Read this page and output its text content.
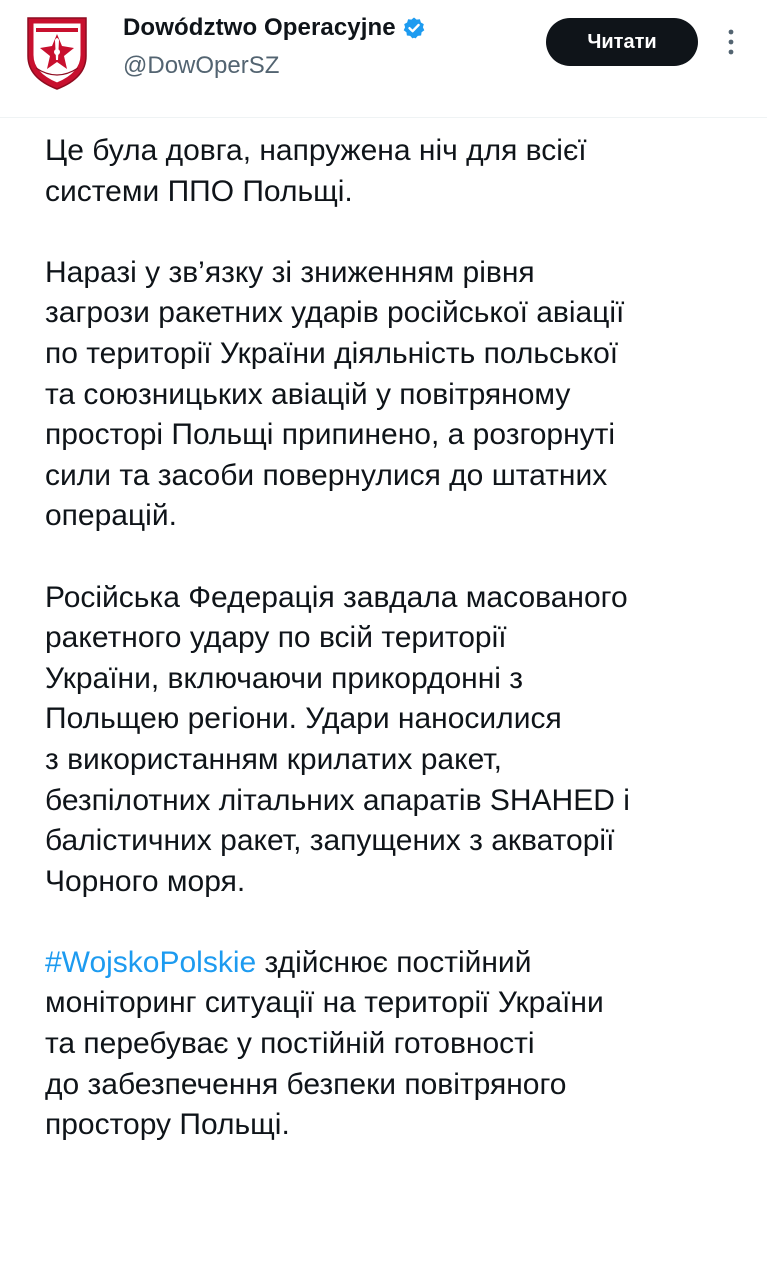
Dowództwo Operacyjne
@DowOperSZ
Читати

Це була довга, напружена ніч для всієї
системи ППО Польщі.

Наразі у зв’язку зі зниженням рівня
загрози ракетних ударів російської авіації
по території України діяльність польської
та союзницьких авіацій у повітряному
просторі Польщі припинено, а розгорнуті
сили та засоби повернулися до штатних
операцій.

Російська Федерація завдала масованого
ракетного удару по всій території
України, включаючи прикордонні з
Польщею регіони. Удари наносилися
з використанням крилатих ракет,
безпілотних літальних апаратів SHAHED і
балістичних ракет, запущених з акваторії
Чорного моря.

#WojskoPolskie здійснює постійний
моніторинг ситуації на території України
та перебуває у постійній готовності
до забезпечення безпеки повітряного
простору Польщі.
